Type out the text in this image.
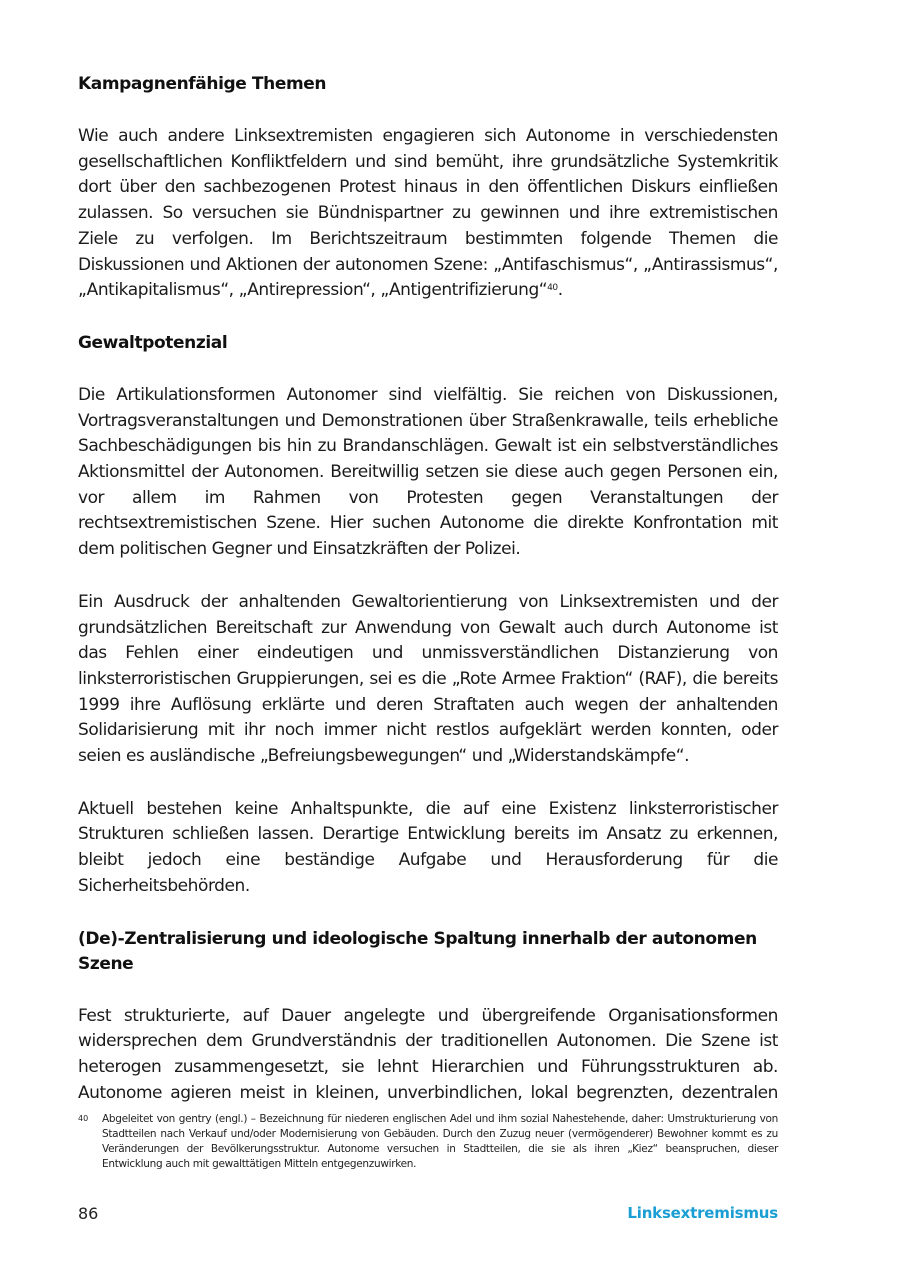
Kampagnenfähige Themen

Wie auch andere Linksextremisten engagieren sich Autonome in verschiedensten gesellschaftlichen Konfliktfeldern und sind bemüht, ihre grundsätzliche Systemkritik dort über den sachbezogenen Protest hinaus in den öffentlichen Diskurs einfließen zulassen. So versuchen sie Bündnispartner zu gewinnen und ihre extremistischen Ziele zu verfolgen. Im Berichtszeitraum bestimmten folgende Themen die Diskussionen und Aktionen der autonomen Szene: „Antifaschismus“, „Antirassismus“, „Antikapitalismus“, „Antirepression“, „Antigentrifizierung“$^{40}$.

Gewaltpotenzial

Die Artikulationsformen Autonomer sind vielfältig. Sie reichen von Diskussionen, Vortragsveranstaltungen und Demonstrationen über Straßenkrawalle, teils erhebliche Sachbeschädigungen bis hin zu Brandanschlägen. Gewalt ist ein selbstverständliches Aktionsmittel der Autonomen. Bereitwillig setzen sie diese auch gegen Personen ein, vor allem im Rahmen von Protesten gegen Veranstaltungen der rechtsextremistischen Szene. Hier suchen Autonome die direkte Konfrontation mit dem politischen Gegner und Einsatzkräften der Polizei.

Ein Ausdruck der anhaltenden Gewaltorientierung von Linksextremisten und der grundsätzlichen Bereitschaft zur Anwendung von Gewalt auch durch Autonome ist das Fehlen einer eindeutigen und unmissverständlichen Distanzierung von linksterroristischen Gruppierungen, sei es die „Rote Armee Fraktion“ (RAF), die bereits 1999 ihre Auflösung erklärte und deren Straftaten auch wegen der anhaltenden Solidarisierung mit ihr noch immer nicht restlos aufgeklärt werden konnten, oder seien es ausländische „Befreiungsbewegungen“ und „Widerstandskämpfe“.

Aktuell bestehen keine Anhaltspunkte, die auf eine Existenz linksterroristischer Strukturen schließen lassen. Derartige Entwicklung bereits im Ansatz zu erkennen, bleibt jedoch eine beständige Aufgabe und Herausforderung für die Sicherheitsbehörden.

(De)-Zentralisierung und ideologische Spaltung innerhalb der autonomen Szene

Fest strukturierte, auf Dauer angelegte und übergreifende Organisationsformen widersprechen dem Grundverständnis der traditionellen Autonomen. Die Szene ist heterogen zusammengesetzt, sie lehnt Hierarchien und Führungsstrukturen ab. Autonome agieren meist in kleinen, unverbindlichen, lokal begrenzten, dezentralen

40	Abgeleitet von gentry (engl.) – Bezeichnung für niederen englischen Adel und ihm sozial Nahestehende, daher: Umstrukturierung von Stadtteilen nach Verkauf und/oder Modernisierung von Gebäuden. Durch den Zuzug neuer (vermögenderer) Bewohner kommt es zu Veränderungen der Bevölkerungsstruktur. Autonome versuchen in Stadtteilen, die sie als ihren „Kiez“ beanspruchen, dieser Entwicklung auch mit gewalttätigen Mitteln entgegenzuwirken.
86	Linksextremismus
